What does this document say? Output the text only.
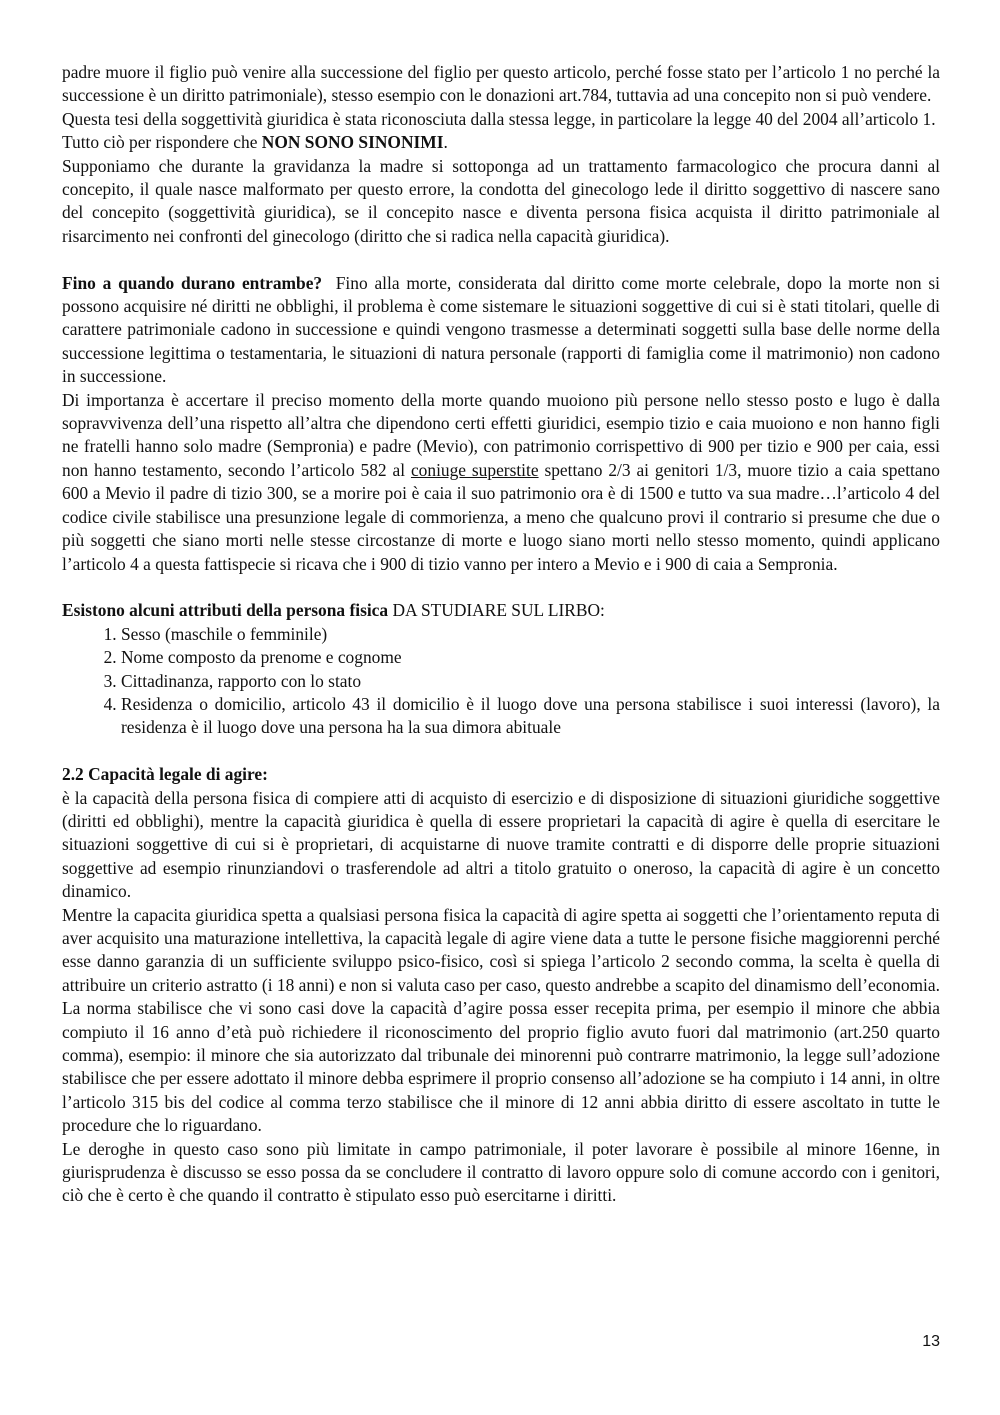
padre muore il figlio può venire alla successione del figlio per questo articolo, perché fosse stato per l’articolo 1 no perché la successione è un diritto patrimoniale), stesso esempio con le donazioni art.784, tuttavia ad una concepito non si può vendere.

Questa tesi della soggettività giuridica è stata riconosciuta dalla stessa legge, in particolare la legge 40 del 2004 all’articolo 1.

Tutto ciò per rispondere che NON SONO SINONIMI.

Supponiamo che durante la gravidanza la madre si sottoponga ad un trattamento farmacologico che procura danni al concepito, il quale nasce malformato per questo errore, la condotta del ginecologo lede il diritto soggettivo di nascere sano del concepito (soggettività giuridica), se il concepito nasce e diventa persona fisica acquista il diritto patrimoniale al risarcimento nei confronti del ginecologo (diritto che si radica nella capacità giuridica).

Fino a quando durano entrambe?  Fino alla morte, considerata dal diritto come morte celebrale, dopo la morte non si possono acquisire né diritti ne obblighi, il problema è come sistemare le situazioni soggettive di cui si è stati titolari, quelle di carattere patrimoniale cadono in successione e quindi vengono trasmesse a determinati soggetti sulla base delle norme della successione legittima o testamentaria, le situazioni di natura personale (rapporti di famiglia come il matrimonio) non cadono in successione.

Di importanza è accertare il preciso momento della morte quando muoiono più persone nello stesso posto e lugo è dalla sopravvivenza dell’una rispetto all’altra che dipendono certi effetti giuridici, esempio tizio e caia muoiono e non hanno figli ne fratelli hanno solo madre (Sempronia) e padre (Mevio), con patrimonio corrispettivo di 900 per tizio e 900 per caia, essi non hanno testamento, secondo l’articolo 582 al coniuge superstite spettano 2/3 ai genitori 1/3, muore tizio a caia spettano 600 a Mevio il padre di tizio 300, se a morire poi è caia il suo patrimonio ora è di 1500 e tutto va sua madre…l’articolo 4 del codice civile stabilisce una presunzione legale di commorienza, a meno che qualcuno provi il contrario si presume che due o più soggetti che siano morti nelle stesse circostanze di morte e luogo siano morti nello stesso momento, quindi applicano l’articolo 4 a questa fattispecie si ricava che i 900 di tizio vanno per intero a Mevio e i 900 di caia a Sempronia.

Esistono alcuni attributi della persona fisica DA STUDIARE SUL LIRBO:

1. Sesso (maschile o femminile)
2. Nome composto da prenome e cognome
3. Cittadinanza, rapporto con lo stato
4. Residenza o domicilio, articolo 43 il domicilio è il luogo dove una persona stabilisce i suoi interessi (lavoro), la residenza è il luogo dove una persona ha la sua dimora abituale

2.2 Capacità legale di agire:

è la capacità della persona fisica di compiere atti di acquisto di esercizio e di disposizione di situazioni giuridiche soggettive (diritti ed obblighi), mentre la capacità giuridica è quella di essere proprietari la capacità di agire è quella di esercitare le situazioni soggettive di cui si è proprietari, di acquistarne di nuove tramite contratti e di disporre delle proprie situazioni soggettive ad esempio rinunziandovi o trasferendole ad altri a titolo gratuito o oneroso, la capacità di agire è un concetto dinamico.

Mentre la capacita giuridica spetta a qualsiasi persona fisica la capacità di agire spetta ai soggetti che l’orientamento reputa di aver acquisito una maturazione intellettiva, la capacità legale di agire viene data a tutte le persone fisiche maggiorenni perché esse danno garanzia di un sufficiente sviluppo psico-fisico, così si spiega l’articolo 2 secondo comma, la scelta è quella di attribuire un criterio astratto (i 18 anni) e non si valuta caso per caso, questo andrebbe a scapito del dinamismo dell’economia.

La norma stabilisce che vi sono casi dove la capacità d’agire possa esser recepita prima, per esempio il minore che abbia compiuto il 16 anno d’età può richiedere il riconoscimento del proprio figlio avuto fuori dal matrimonio (art.250 quarto comma), esempio: il minore che sia autorizzato dal tribunale dei minorenni può contrarre matrimonio, la legge sull’adozione stabilisce che per essere adottato il minore debba esprimere il proprio consenso all’adozione se ha compiuto i 14 anni, in oltre l’articolo 315 bis del codice al comma terzo stabilisce che il minore di 12 anni abbia diritto di essere ascoltato in tutte le procedure che lo riguardano.

Le deroghe in questo caso sono più limitate in campo patrimoniale, il poter lavorare è possibile al minore 16enne, in giurisprudenza è discusso se esso possa da se concludere il contratto di lavoro oppure solo di comune accordo con i genitori, ciò che è certo è che quando il contratto è stipulato esso può esercitarne i diritti.

13
